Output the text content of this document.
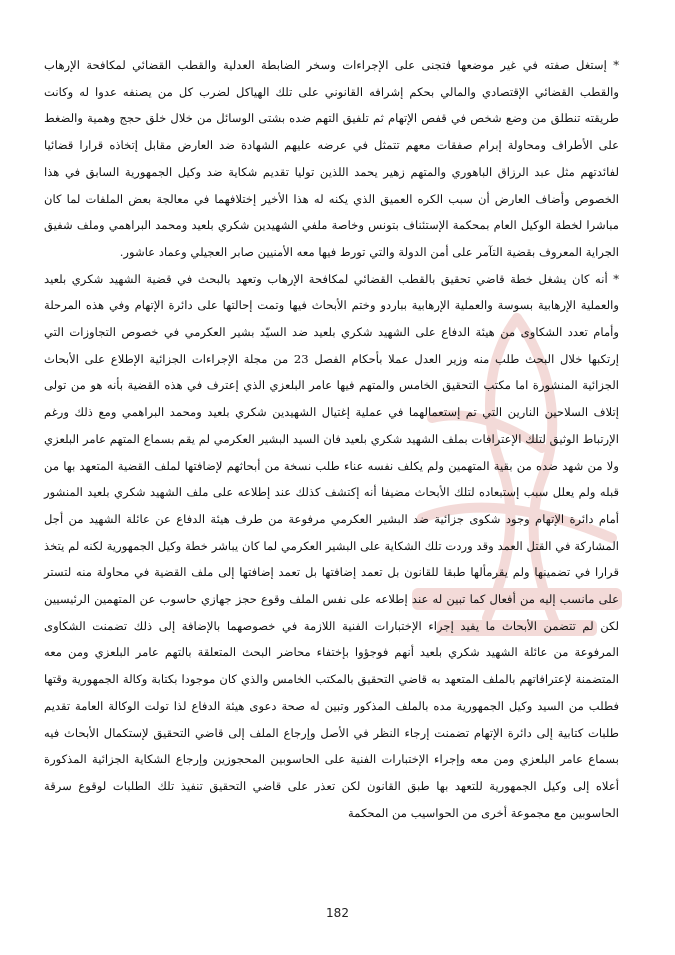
* إستغل صفته في غير موضعها فتجنى على الإجراءات وسخر الضابطة العدلية والقطب القضائي لمكافحة الإرهاب والقطب القضائي الإقتصادي والمالي بحكم إشرافه القانوني على تلك الهياكل لضرب كل من يصنفه عدوا له وكانت طريقته تنطلق من وضع شخص في قفص الإتهام ثم تلفيق التهم ضده بشتى الوسائل من خلال خلق حجج وهمية والضغط على الأطراف ومحاولة إبرام صفقات معهم تتمثل في عرضه عليهم الشهادة ضد العارض مقابل إتخاذه قرارا قضائيا لفائدتهم مثل عبد الرزاق الباهوري والمتهم زهير يحمد اللذين توليا تقديم شكاية ضد وكيل الجمهورية السابق في هذا الخصوص وأضاف العارض أن سبب الكره العميق الذي يكنه له هذا الأخير إختلافهما في معالجة بعض الملفات لما كان مباشرا لخطة الوكيل العام بمحكمة الإستئناف بتونس وخاصة ملفي الشهيدين شكري بلعيد ومحمد البراهمي وملف شفيق الجراية المعروف بقضية التآمر على أمن الدولة والتي تورط فيها معه الأمنيين صابر العجيلي وعماد عاشور.

* أنه كان يشغل خطة قاضي تحقيق بالقطب القضائي لمكافحة الإرهاب وتعهد بالبحث في قضية الشهيد شكري بلعيد والعملية الإرهابية بسوسة والعملية الإرهابية بباردو وختم الأبحاث فيها وتمت إحالتها على دائرة الإتهام وفي هذه المرحلة وأمام تعدد الشكاوى من هيئة الدفاع على الشهيد شكري بلعيد ضد السيّد بشير العكرمي في خصوص التجاوزات التي إرتكبها خلال البحث طلب منه وزير العدل عملا بأحكام الفصل 23 من مجلة الإجراءات الجزائية الإطلاع على الأبحاث الجزائية المنشورة اما مكتب التحقيق الخامس والمتهم فيها عامر البلعزي الذي إعترف في هذه القضية بأنه هو من تولى إتلاف السلاحين النارين التي تم إستعمالهما في عملية إغتيال الشهيدين شكري بلعيد ومحمد البراهمي ومع ذلك ورغم الإرتباط الوثيق لتلك الإعترافات بملف الشهيد شكري بلعيد فان السيد البشير العكرمي لم يقم بسماع المتهم عامر البلعزي ولا من شهد ضده من بقية المتهمين ولم يكلف نفسه عناء طلب نسخة من أبحاثهم لإضافتها لملف القضية المتعهد بها من قبله ولم يعلل سبب إستبعاده لتلك الأبحاث مضيفا أنه إكتشف كذلك عند إطلاعه على ملف الشهيد شكري بلعيد المنشور أمام دائرة الإتهام وجود شكوى جزائية ضد البشير العكرمي مرفوعة من طرف هيئة الدفاع عن عائلة الشهيد من أجل المشاركة في القتل العمد وقد وردت تلك الشكاية على البشير العكرمي لما كان يباشر خطة وكيل الجمهورية لكنه لم يتخذ قرارا في تضمينها ولم يقرمألها طبقا للقانون بل تعمد إضافتها بل تعمد إضافتها إلى ملف القضية في محاولة منه لتستر على مانسب إليه من أفعال كما تبين له عند إطلاعه على نفس الملف وقوع حجز جهازي حاسوب عن المتهمين الرئيسيين لكن لم تتضمن الأبحاث ما يفيد إجراء الإختبارات الفنية اللازمة في خصوصهما بالإضافة إلى ذلك تضمنت الشكاوى المرفوعة من عائلة الشهيد شكري بلعيد أنهم فوجؤوا بإختفاء محاضر البحث المتعلقة بالتهم عامر البلعزي ومن معه المتضمنة لإعترافاتهم بالملف المتعهد به قاضي التحقيق بالمكتب الخامس والذي كان موجودا بكتابة وكالة الجمهورية وقتها فطلب من السيد وكيل الجمهورية مده بالملف المذكور وتبين له صحة دعوى هيئة الدفاع لذا تولت الوكالة العامة تقديم طلبات كتابية إلى دائرة الإتهام تضمنت إرجاء النظر في الأصل وإرجاع الملف إلى قاضي التحقيق لإستكمال الأبحاث فيه بسماع عامر البلعزي ومن معه وإجراء الإختبارات الفنية على الحاسوبين المحجوزين وإرجاع الشكاية الجزائية المذكورة أعلاه إلى وكيل الجمهورية للتعهد بها طبق القانون لكن تعذر على قاضي التحقيق تنفيذ تلك الطلبات لوقوع سرقة الحاسوبين مع مجموعة أخرى من الحواسيب من المحكمة

182
